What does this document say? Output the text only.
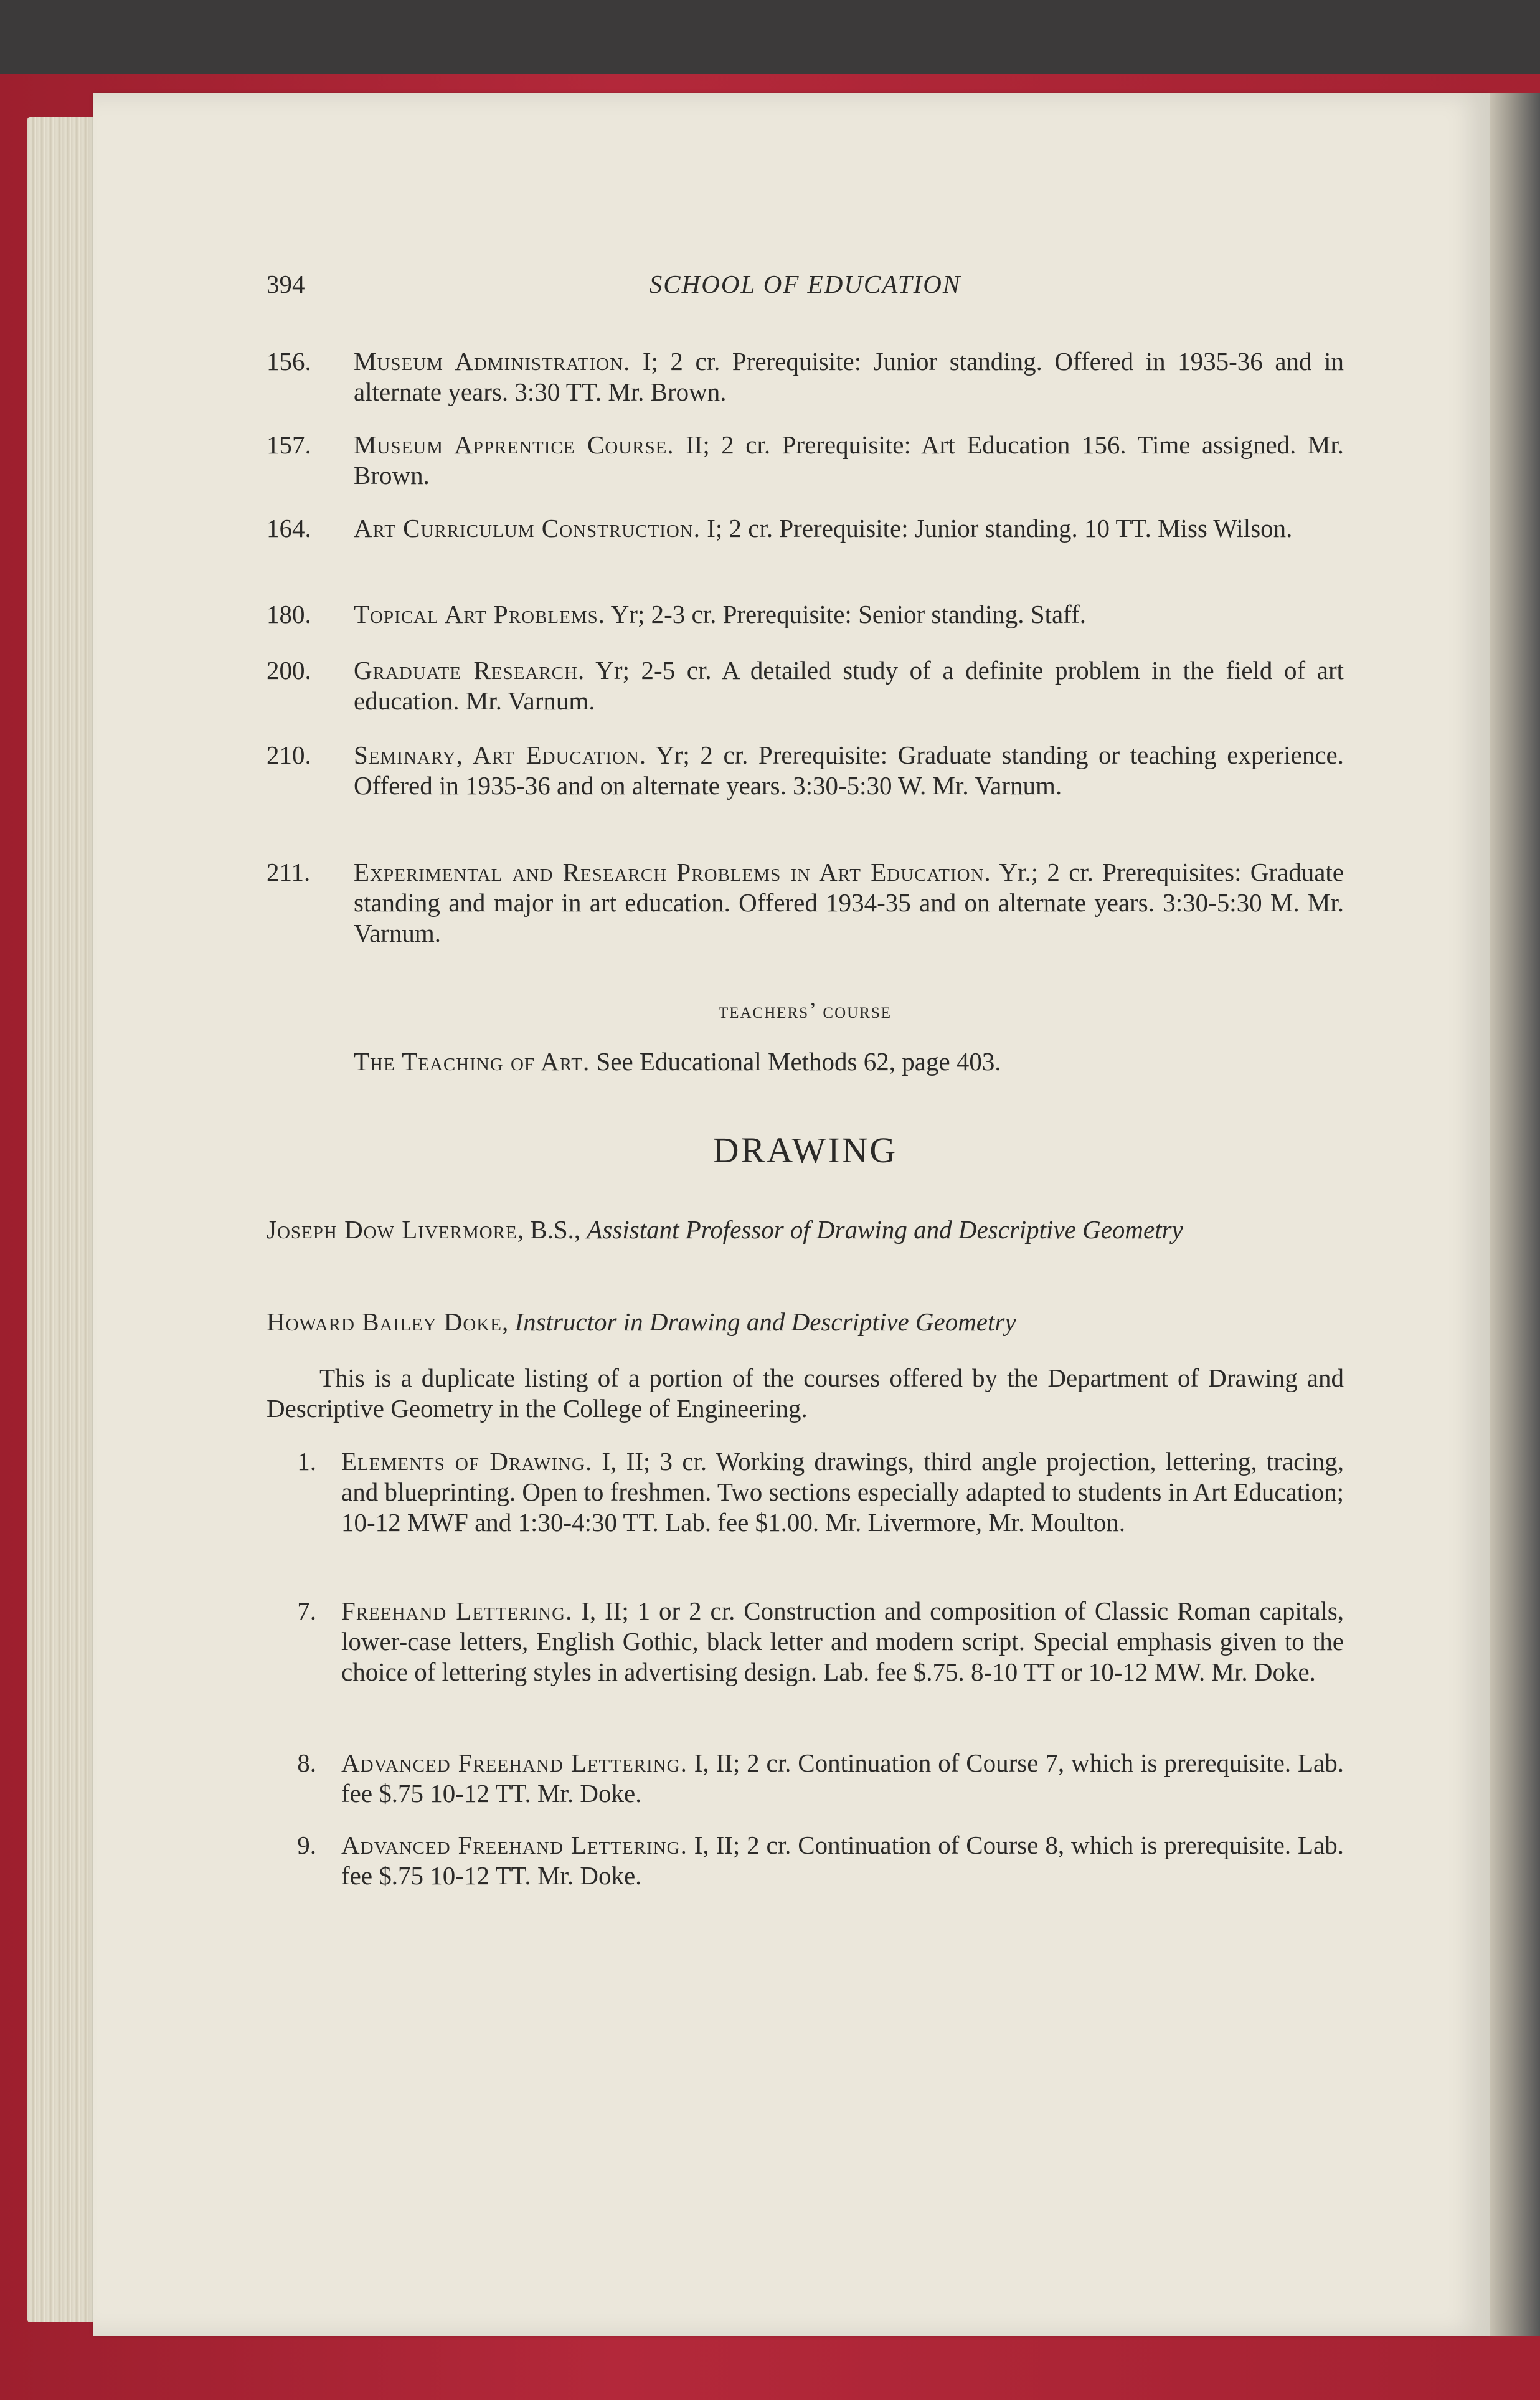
394	SCHOOL OF EDUCATION
156.	Museum Administration. I; 2 cr. Prerequisite: Junior standing. Offered in 1935-36 and in alternate years. 3:30 TT. Mr. Brown.
157.	Museum Apprentice Course. II; 2 cr. Prerequisite: Art Education 156. Time assigned. Mr. Brown.
164.	Art Curriculum Construction. I; 2 cr. Prerequisite: Junior standing. 10 TT. Miss Wilson.
180.	Topical Art Problems. Yr; 2-3 cr. Prerequisite: Senior standing. Staff.
200.	Graduate Research. Yr; 2-5 cr. A detailed study of a definite problem in the field of art education. Mr. Varnum.
210.	Seminary, Art Education. Yr; 2 cr. Prerequisite: Graduate standing or teaching experience. Offered in 1935-36 and on alternate years. 3:30-5:30 W. Mr. Varnum.
211.	Experimental and Research Problems in Art Education. Yr.; 2 cr. Prerequisites: Graduate standing and major in art education. Offered 1934-35 and on alternate years. 3:30-5:30 M. Mr. Varnum.
teachers’ course
The Teaching of Art. See Educational Methods 62, page 403.
DRAWING
Joseph Dow Livermore, B.S., Assistant Professor of Drawing and Descriptive Geometry
Howard Bailey Doke, Instructor in Drawing and Descriptive Geometry
This is a duplicate listing of a portion of the courses offered by the Department of Drawing and Descriptive Geometry in the College of Engineering.
1. Elements of Drawing. I, II; 3 cr. Working drawings, third angle projection, lettering, tracing, and blueprinting. Open to freshmen. Two sections especially adapted to students in Art Education; 10-12 MWF and 1:30-4:30 TT. Lab. fee $1.00. Mr. Livermore, Mr. Moulton.
7. Freehand Lettering. I, II; 1 or 2 cr. Construction and composition of Classic Roman capitals, lower-case letters, English Gothic, black letter and modern script. Special emphasis given to the choice of lettering styles in advertising design. Lab. fee $.75. 8-10 TT or 10-12 MW. Mr. Doke.
8. Advanced Freehand Lettering. I, II; 2 cr. Continuation of Course 7, which is prerequisite. Lab. fee $.75 10-12 TT. Mr. Doke.
9. Advanced Freehand Lettering. I, II; 2 cr. Continuation of Course 8, which is prerequisite. Lab. fee $.75 10-12 TT. Mr. Doke.
